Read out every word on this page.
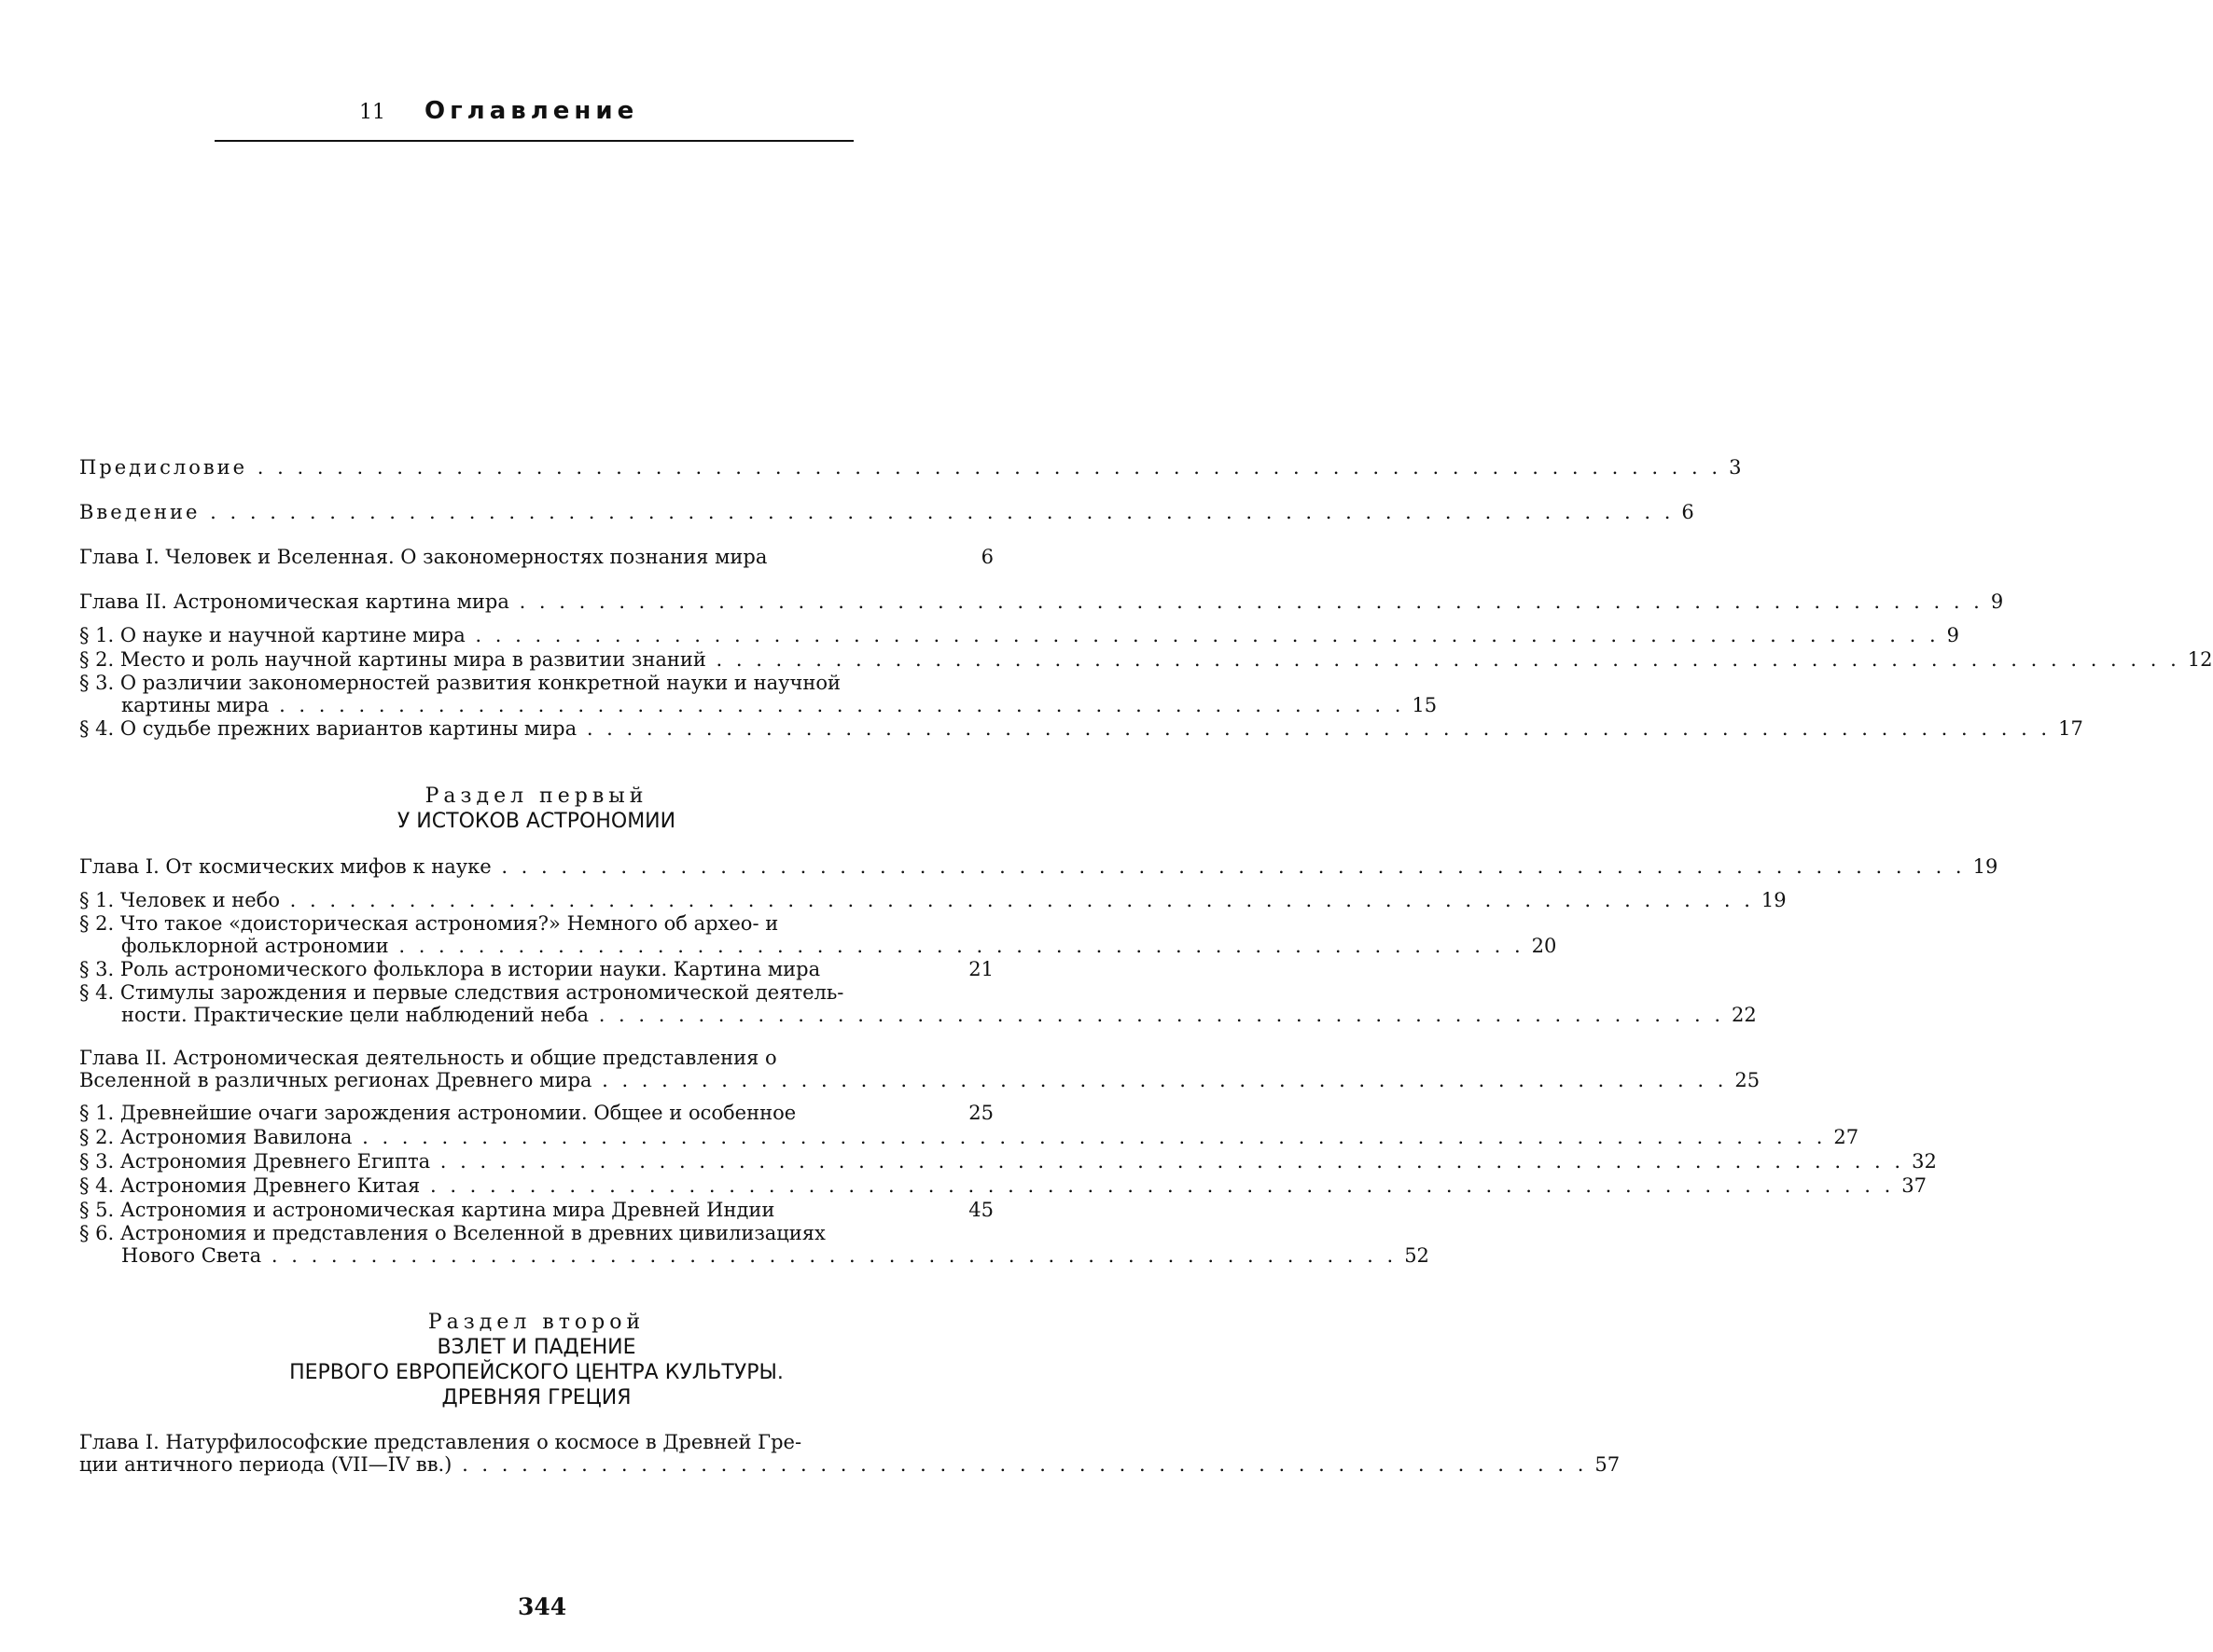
11 Оглавление
Предисловие . . .	3
Введение . . .	6
Глава I. Человек и Вселенная. О закономерностях познания мира	6
Глава II. Астрономическая картина мира . . .	9
§ 1. О науке и научной картине мира . . .	9
§ 2. Место и роль научной картины мира в развитии знаний . . .	12
§ 3. О различии закономерностей развития конкретной науки и научной
картины мира . . .	15
§ 4. О судьбе прежних вариантов картины мира . . .	17
Раздел первый
У ИСТОКОВ АСТРОНОМИИ
Глава I. От космических мифов к науке . . .	19
§ 1. Человек и небо . . .	19
§ 2. Что такое «доисторическая астрономия?» Немного об архео- и
фольклорной астрономии . . .	20
§ 3. Роль астрономического фольклора в истории науки. Картина мира	21
§ 4. Стимулы зарождения и первые следствия астрономической деятель-
ности. Практические цели наблюдений неба . . .	22
Глава II. Астрономическая деятельность и общие представления о
Вселенной в различных регионах Древнего мира . . .	25
§ 1. Древнейшие очаги зарождения астрономии. Общее и особенное	25
§ 2. Астрономия Вавилона . . .	27
§ 3. Астрономия Древнего Египта . . .	32
§ 4. Астрономия Древнего Китая . . .	37
§ 5. Астрономия и астрономическая картина мира Древней Индии	45
§ 6. Астрономия и представления о Вселенной в древних цивилизациях
Нового Света . . .	52
Раздел второй
ВЗЛЕТ И ПАДЕНИЕ
ПЕРВОГО ЕВРОПЕЙСКОГО ЦЕНТРА КУЛЬТУРЫ.
ДРЕВНЯЯ ГРЕЦИЯ
Глава I. Натурфилософские представления о космосе в Древней Гре-
ции античного периода (VII—IV вв.) . . .	57
344
